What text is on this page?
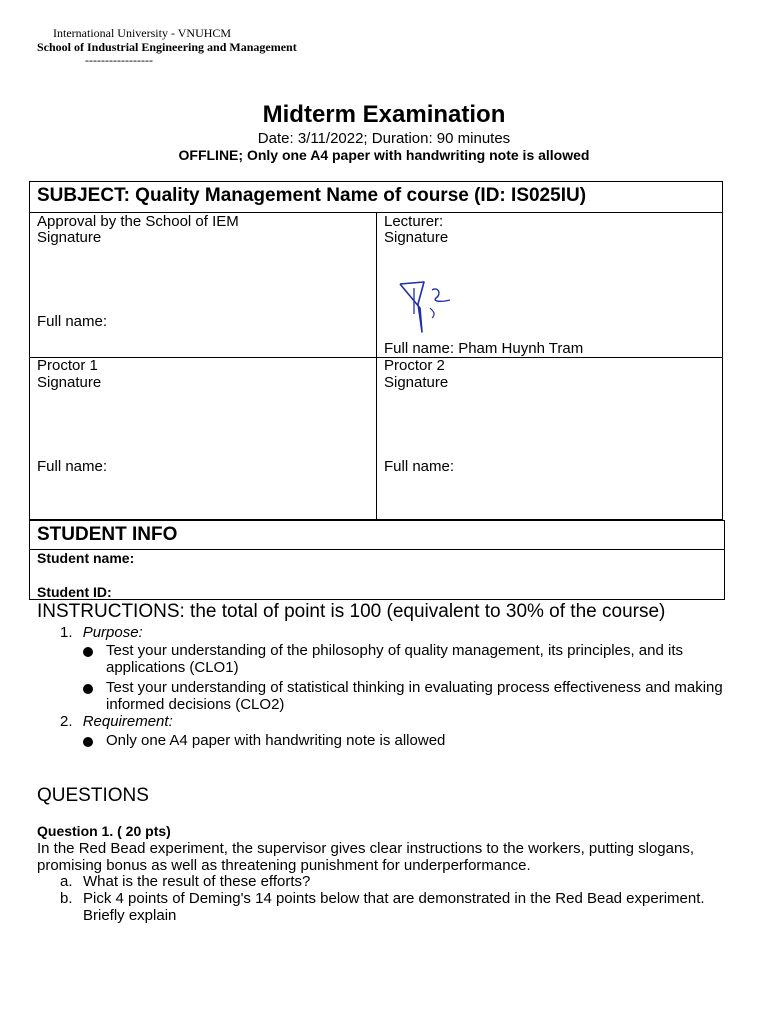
International University - VNUHCM
School of Industrial Engineering and Management
-----------------
Midterm Examination
Date: 3/11/2022; Duration: 90 minutes
OFFLINE; Only one A4 paper with handwriting note is allowed
SUBJECT: Quality Management Name of course (ID: IS025IU)
Approval by the School of IEM
Signature
Full name:
Lecturer:
Signature
Full name: Pham Huynh Tram
Proctor 1
Signature
Full name:
Proctor 2
Signature
Full name:
STUDENT INFO
Student name:
Student ID:
INSTRUCTIONS: the total of point is 100 (equivalent to 30% of the course)
1. Purpose:
Test your understanding of the philosophy of quality management, its principles, and its applications (CLO1)
Test your understanding of statistical thinking in evaluating process effectiveness and making informed decisions (CLO2)
2. Requirement:
Only one A4 paper with handwriting note is allowed
QUESTIONS
Question 1. ( 20 pts)
In the Red Bead experiment, the supervisor gives clear instructions to the workers, putting slogans, promising bonus as well as threatening punishment for underperformance.
a. What is the result of these efforts?
b. Pick 4 points of Deming's 14 points below that are demonstrated in the Red Bead experiment. Briefly explain
